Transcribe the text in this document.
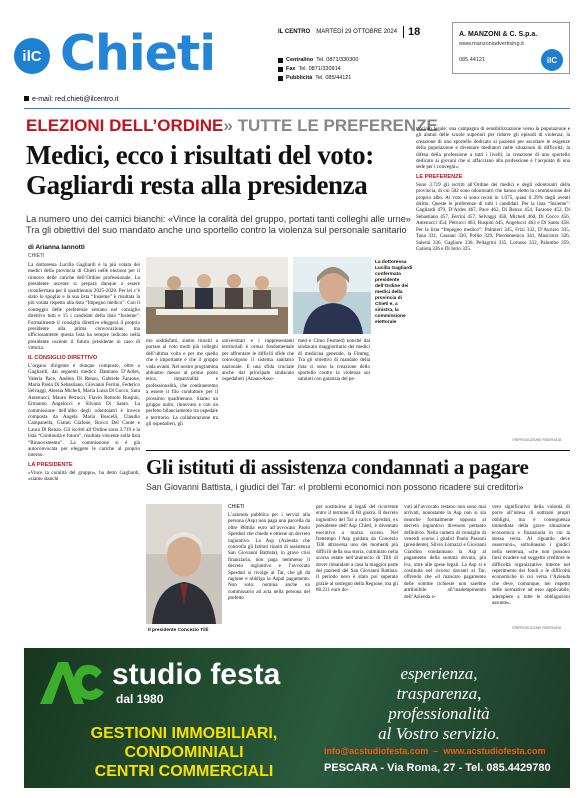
ilC Chieti	IL CENTRO MARTEDÌ 29 OTTOBRE 2024	18
Centralino Tel. 0871/330300
Fax Tel. 0871/330914
Pubblicità Tel. 085/44121
A. MANZONI & C. S.p.a.
www.manzoniadvertising.it
085.44121	ilC
e-mail: red.chieti@ilcentro.it
ELEZIONI DELL’ORDINE» TUTTE LE PREFERENZE
Medici, ecco i risultati del voto:
Gagliardi resta alla presidenza
La numero uno dei camici bianchi: «Vince la coralità del gruppo, portati tanti colleghi alle urne»
Tra gli obiettivi del suo mandato anche uno sportello contro la violenza sul personale sanitario
di Arianna Iannotti
CHIETI

La dottoressa Lucilla Gagliardi è la più votata dei medici della provincia di Chieti nelle elezioni per il rinnovo delle cariche dell’Ordine professionale. La presidente uscente si prepara dunque a essere riconfermata per il quadriennio 2025-2028. Per lei c’è stato lo spoglio e la sua lista “Insieme” è risultata la più votata rispetto alla lista “Impegno medico”. Con il conteggio delle preferenze entrano nel consiglio direttivo tutti e 15 i candidati della lista “Insieme”. Formalmente il consiglio direttivo eleggerà il proprio presidente alla prima convocazione, ma ufficiosamente questa lista ha sempre indicato nella presidente uscente il futuro presidente in caso di vittoria.

IL CONSIGLIO DIRETTIVO

L’organo dirigente è dunque composto, oltre a Gagliardi, dai seguenti medici: Damiano D’Ardes, Valeria Pace, Andrea Di Renzo, Gabriele Faraone, Maria Paola Di Sebastiano, Giovanni Ferrini, Federico Selvaggi, Alessia Micheli, Maria Luisa Di Cocco, Sara Antenucci, Mauro Petrucci, Flavio Romolo Ruspini, Ermanno Angelucci e Silvana Di Santo. La commissione dell’albo degli odontoiatri è invece composta da Angela Maria Boscelli, Claudio Campanella, Gianni Ciafone, Rocco Del Conte e Laura Di Renzo. Gli iscritti all’Ordine sono 3.719 e la lista “Continuità e futuro”, risultata vincente sulla lista “Rinnovamento”. La commissione si è già autoconvocata per eleggere le cariche al proprio interno.

LA PRESIDENTE

«Vince la coralità del gruppo», ha detto Gagliardi, «siamo stanchi

La dottoressa Lucilla Gagliardi confermata presidente dell’Ordine dei medici della provincia di Chieti e, a sinistra, la commissione elettorale

mo soddisfatti, siamo riusciti a portare al voto molti più colleghi dell’ultima volta e per me quello che è importante è che il gruppo vada avanti. Nel nostro programma abbiamo messo al primo posto etica, imparzialità e professionalità, che continueremo a essere il filo conduttore per il prossimo quadriennio. Siamo un gruppo unito, rinnovato e con un perfetto bilanciamento tra ospedale e territorio. La collaborazione tra gli ospedalieri, gli

universitari e i rappresentanti territoriali è ormai fondamentale per affrontare le difficili sfide che coinvolgono il sistema sanitario nazionale. E una sfida cruciale anche dal principale sindacato ospedalieri (Anaao-Asso-

med e Cimo Fesmed) nonché dal sindacato maggioritario dei medici di medicina generale, la Fimmg. Tra gli obiettivi di mandato della lista ci sono la creazione dello sportello contro la violenza sui sanitari con garanzia del pe-

trocinio legale: una campagna di sensibilizzazione verso la popolazione e gli alunni delle scuole superiori per ridurre gli episodi di violenza; la creazione di uno sportello dedicato ai pazienti per ascoltare le esigenze della popolazione e diventare mediatori nelle situazioni di difficoltà; la difesa della professione a tutti i livelli; la creazione di uno sportello dedicato ai giovani che si affacciano alla professione e l’acquisto di una sede per i convegni».

LE PREFERENZE

Sono 3.719 gli iscritti all’Ordine dei medici e degli odontoiatri della provincia, di cui 582 sono odontoiatri che hanno eletto la commissione del proprio albo. Al voto si sono recati in 1.075, quasi il 29% degli aventi diritto. Queste le preferenze di tutti i candidati. Per la lista “Insieme”: Gagliardi 479, D’Ardes 467, Pace 462, Di Renzo 454, Faraone 452, Di Sebastiano 457, Ferrini 457, Selvaggi 458, Micheli 460, Di Cocco 456, Antenucci 454, Petrucci 463, Ruspini 445, Angelucci 463 e Di Santo 458. Per la lista “Impegno medico”: Palmieri 345, Frizi 332, D’Aurizio 335, Tana 331, Cassani 330, Pollio 329, Pierdomenico 341, Masciotra 326, Salerni 336, Gagliore 336, Pellagrini 335, Lorusso 332, Palumbo 359, Galiota 326 e Di Iorio 325.

©RIPRODUZIONE RISERVATA
Gli istituti di assistenza condannati a pagare
San Giovanni Battista, i giudici del Tar: «I problemi economici non possono ricadere sui creditori»
Il presidente Concezio Tilli
CHIETI

L’azienda pubblica per i servizi alla persona (Asp) non paga una parcella da oltre 88mila euro all’avvocato Paolo Sperduti che chiede e ottiene un decreto ingiuntivo. La Asp (Azienda che controlla gli Istituti riuniti di assistenza San Giovanni Battista), in grave crisi finanziaria, non paga nemmeno il decreto ingiuntivo e l’avvocato Sperduti si rivolge al Tar, che gli dà ragione e obbliga la Aspal pagamento. Non solo: nomina anche un commissario ad acta nella persona del prefetto

per sostituirse ai legali del ricorrente entro il termine di 60 giorni. Il decreto ingiuntivo del Tar a carico Sperduti, ex presidente dell’Asp Chieti, è diventato esecutivo a marzo scorso. Nel frattempo l’Asp guidata da Concezio Tilli attraversa uno dei momenti più difficili della sua storia, culminato nella scorsa estate nell’annuncio di Tilli di dover rimandare a casa la maggior parte dei pazienti del San Giovanni Battista. Il periodo nero è stato poi superato grazie al sostegno della Regione, ma gli 88.231 euro do-

vuti all’avvocato restano non sono mai arrivati, nonostante la Asp non si sia neanche formalmente opposta al decreto ingiuntivo divenuto pertanto definitivo. Nella camera di consiglio di venerdì scorso i giudici Paolo Passoni (presidente), Silvio Lomazzi e Giovanni Giardino condannano la Asp al pagamento della somma dovuta, più Iva, oltre alle spese legali. La Asp si è costituita nel ricorso davanti al Tar, offrendo che «il mancato pagamento delle somme richieste non sarebbe attribuibile all’inadempimento dell’Azienda o-

vero significativo della volontà di porre all’intesa di sottrarsi propri obblighi, ma è conseguenza immediata della grave situazione economica e finanziaria in cui la stessa versa. Al riguardo deve osservarsi», sottolineano i giudici nella sentenza, «che non possono farsi ricadere sul soggetto creditore le difficoltà organizzative interne nel reperimento dei fondi o le difficoltà economiche in cui versa l’Azienda che deve, comunque, nei rispetto delle normative ad esso applicabile, adempiere a tutte le obbligazioni assunte».

©RIPRODUZIONE RISERVATA
studio festa
dal 1980
esperienza,
trasparenza,
professionalità
al Vostro servizio.
GESTIONI IMMOBILIARI,
CONDOMINIALI
CENTRI COMMERCIALI
info@acstudiofesta.com  –  www.acstudiofesta.com
PESCARA - Via Roma, 27 - Tel. 085.4429780
